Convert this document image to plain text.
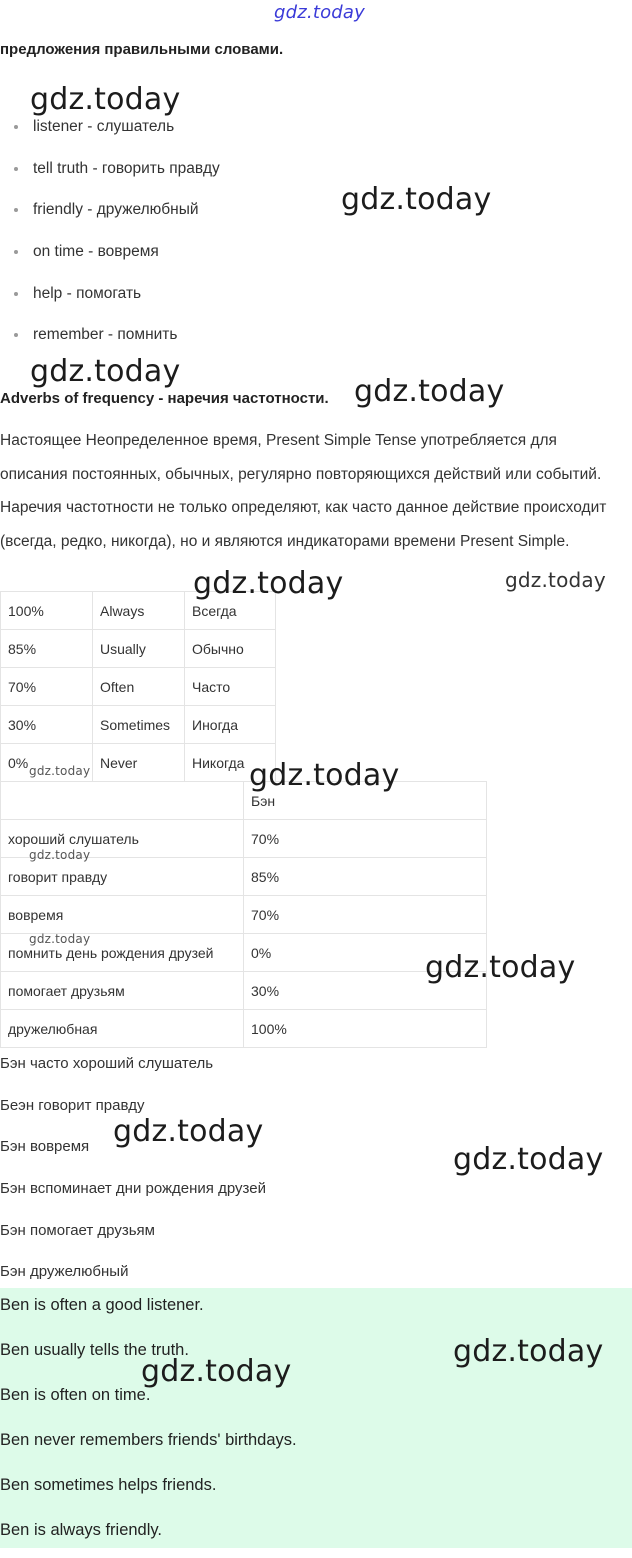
gdz.today
предложения правильными словами.
listener - слушатель
tell truth - говорить правду
friendly - дружелюбный
on time - вовремя
help - помогать
remember - помнить
Adverbs of frequency - наречия частотности.
Настоящее Неопределенное время, Present Simple Tense употребляется для описания постоянных, обычных, регулярно повторяющихся действий или событий. Наречия частотности не только определяют, как часто данное действие происходит (всегда, редко, никогда), но и являются индикаторами времени Present Simple.
100%	Always	Всегда
85%	Usually	Обычно
70%	Often	Часто
30%	Sometimes	Иногда
0%	Never	Никогда
	Бэн
хороший слушатель	70%
говорит правду	85%
вовремя	70%
помнить день рождения друзей	0%
помогает друзьям	30%
дружелюбная	100%
Бэн часто хороший слушатель
Беэн говорит правду
Бэн вовремя
Бэн вспоминает дни рождения друзей
Бэн помогает друзьям
Бэн дружелюбный
Ben is often a good listener.
Ben usually tells the truth.
Ben is often on time.
Ben never remembers friends' birthdays.
Ben sometimes helps friends.
Ben is always friendly.
gdz.today
gdz.today
gdz.today
gdz.today
gdz.today	gdz.today
gdz.today	gdz.today
gdz.today
gdz.today
gdz.today
gdz.today
gdz.today
gdz.today
gdz.today
